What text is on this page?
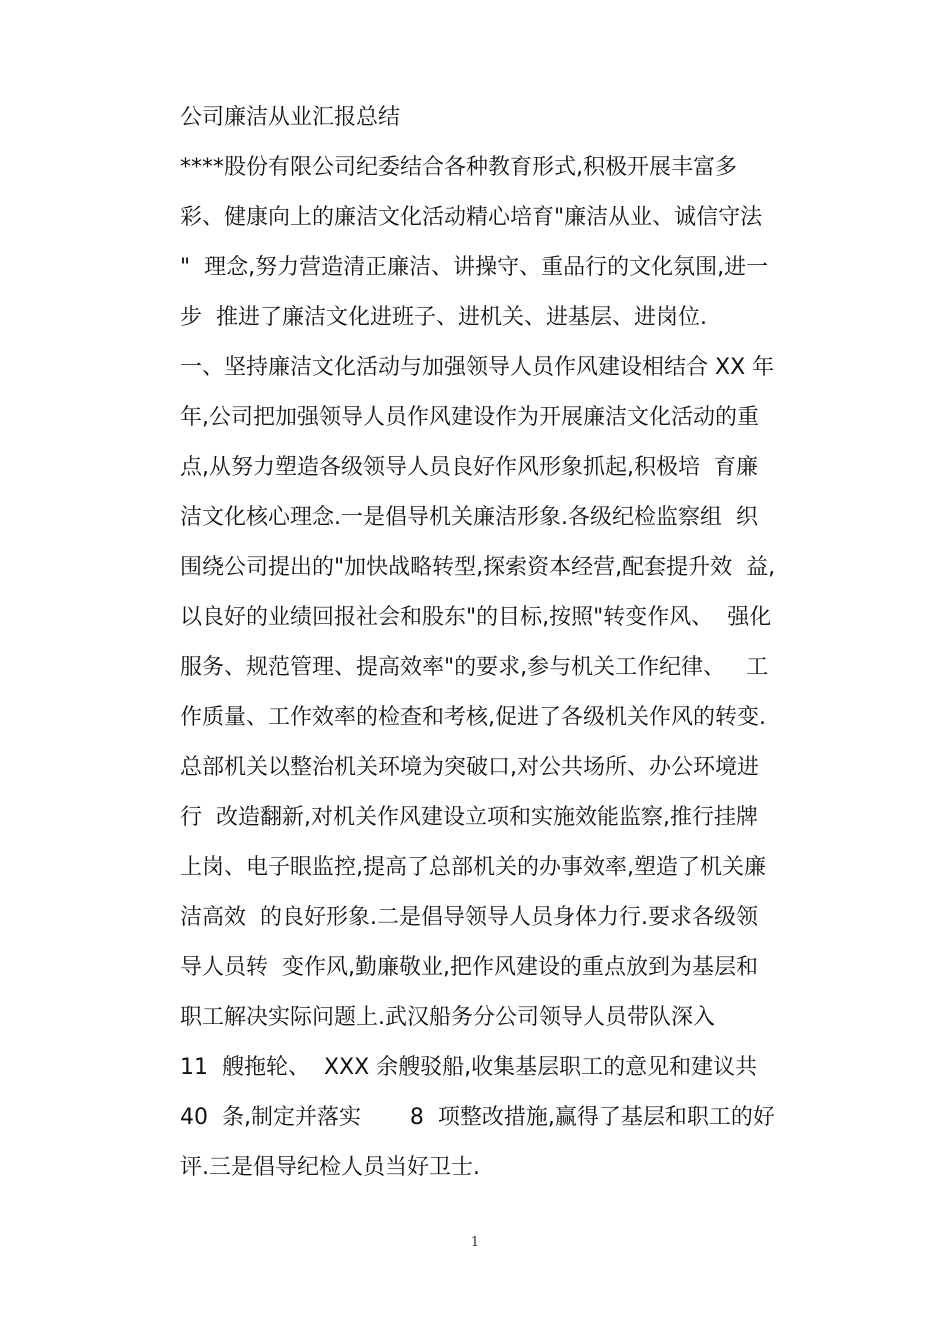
公司廉洁从业汇报总结

****股份有限公司纪委结合各种教育形式,积极开展丰富多

彩、健康向上的廉洁文化活动精心培育"廉洁从业、诚信守法

"  理念,努力营造清正廉洁、讲操守、重品行的文化氛围,进一

步  推进了廉洁文化进班子、进机关、进基层、进岗位.

一、坚持廉洁文化活动与加强领导人员作风建设相结合 XX 年

年,公司把加强领导人员作风建设作为开展廉洁文化活动的重

点,从努力塑造各级领导人员良好作风形象抓起,积极培  育廉

洁文化核心理念.一是倡导机关廉洁形象.各级纪检监察组  织

围绕公司提出的"加快战略转型,探索资本经营,配套提升效  益,

以良好的业绩回报社会和股东"的目标,按照"转变作风、  强化

服务、规范管理、提高效率"的要求,参与机关工作纪律、   工

作质量、工作效率的检查和考核,促进了各级机关作风的转变.

总部机关以整治机关环境为突破口,对公共场所、办公环境进

行  改造翻新,对机关作风建设立项和实施效能监察,推行挂牌

上岗、电子眼监控,提高了总部机关的办事效率,塑造了机关廉

洁高效  的良好形象.二是倡导领导人员身体力行.要求各级领

导人员转  变作风,勤廉敬业,把作风建设的重点放到为基层和

职工解决实际问题上.武汉船务分公司领导人员带队深入

11  艘拖轮、  XXX 余艘驳船,收集基层职工的意见和建议共

40  条,制定并落实       8  项整改措施,赢得了基层和职工的好

评.三是倡导纪检人员当好卫士.

1
